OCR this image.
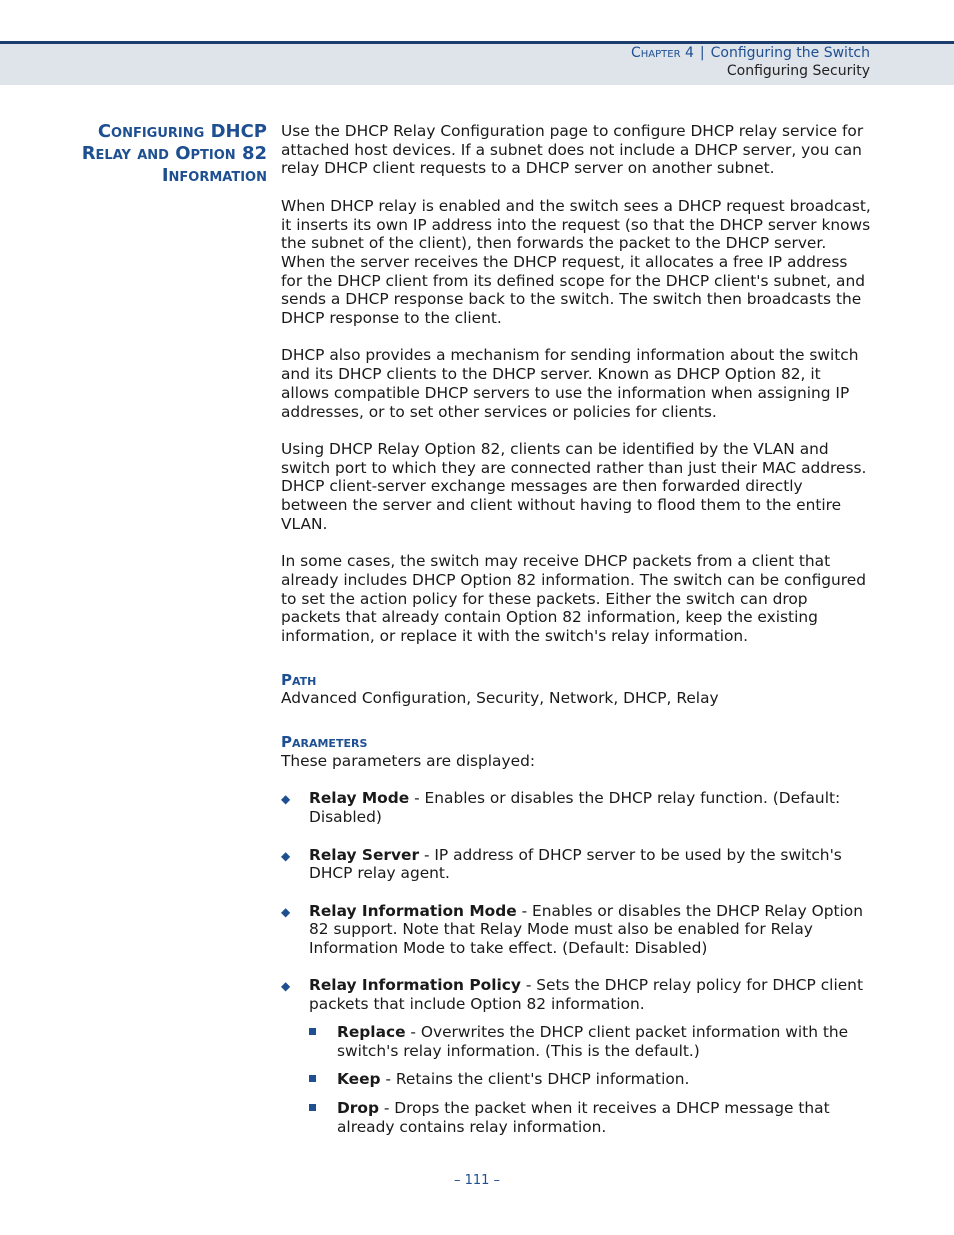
Chapter 4 | Configuring the Switch
Configuring Security
Configuring DHCP
Relay and Option 82
Information

Use the DHCP Relay Configuration page to configure DHCP relay service for attached host devices. If a subnet does not include a DHCP server, you can relay DHCP client requests to a DHCP server on another subnet.

When DHCP relay is enabled and the switch sees a DHCP request broadcast, it inserts its own IP address into the request (so that the DHCP server knows the subnet of the client), then forwards the packet to the DHCP server. When the server receives the DHCP request, it allocates a free IP address for the DHCP client from its defined scope for the DHCP client's subnet, and sends a DHCP response back to the switch. The switch then broadcasts the DHCP response to the client.

DHCP also provides a mechanism for sending information about the switch and its DHCP clients to the DHCP server. Known as DHCP Option 82, it allows compatible DHCP servers to use the information when assigning IP addresses, or to set other services or policies for clients.

Using DHCP Relay Option 82, clients can be identified by the VLAN and switch port to which they are connected rather than just their MAC address. DHCP client-server exchange messages are then forwarded directly between the server and client without having to flood them to the entire VLAN.

In some cases, the switch may receive DHCP packets from a client that already includes DHCP Option 82 information. The switch can be configured to set the action policy for these packets. Either the switch can drop packets that already contain Option 82 information, keep the existing information, or replace it with the switch's relay information.

Path
Advanced Configuration, Security, Network, DHCP, Relay
Parameters
These parameters are displayed:
◆ Relay Mode - Enables or disables the DHCP relay function. (Default: Disabled)
◆ Relay Server - IP address of DHCP server to be used by the switch's DHCP relay agent.
◆ Relay Information Mode - Enables or disables the DHCP Relay Option 82 support. Note that Relay Mode must also be enabled for Relay Information Mode to take effect. (Default: Disabled)
◆ Relay Information Policy - Sets the DHCP relay policy for DHCP client packets that include Option 82 information.
Replace - Overwrites the DHCP client packet information with the switch's relay information. (This is the default.)
Keep - Retains the client's DHCP information.
Drop - Drops the packet when it receives a DHCP message that already contains relay information.
– 111 –
